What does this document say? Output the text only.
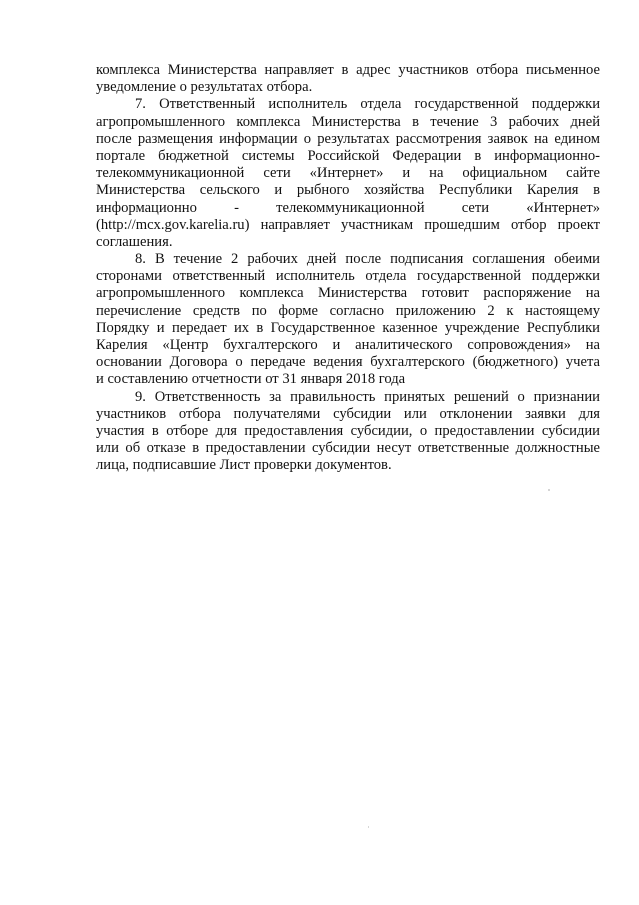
комплекса Министерства направляет в адрес участников отбора письменное
уведомление о результатах отбора.
7. Ответственный исполнитель отдела государственной поддержки
агропромышленного комплекса Министерства в течение 3 рабочих дней
после размещения информации о результатах рассмотрения заявок на едином
портале бюджетной системы Российской Федерации в информационно-
телекоммуникационной сети «Интернет» и на официальном сайте
Министерства сельского и рыбного хозяйства Республики Карелия в
информационно - телекоммуникационной сети «Интернет»
(http://mcx.gov.karelia.ru) направляет участникам прошедшим отбор проект
соглашения.
8. В течение 2 рабочих дней после подписания соглашения обеими
сторонами ответственный исполнитель отдела государственной поддержки
агропромышленного комплекса Министерства готовит распоряжение на
перечисление средств по форме согласно приложению 2 к настоящему
Порядку и передает их в Государственное казенное учреждение Республики
Карелия «Центр бухгалтерского и аналитического сопровождения» на
основании Договора о передаче ведения бухгалтерского (бюджетного) учета
и составлению отчетности от 31 января 2018 года
9. Ответственность за правильность принятых решений о признании
участников отбора получателями субсидии или отклонении заявки для
участия в отборе для предоставления субсидии, о предоставлении субсидии
или об отказе в предоставлении субсидии несут ответственные должностные
лица, подписавшие Лист проверки документов.
